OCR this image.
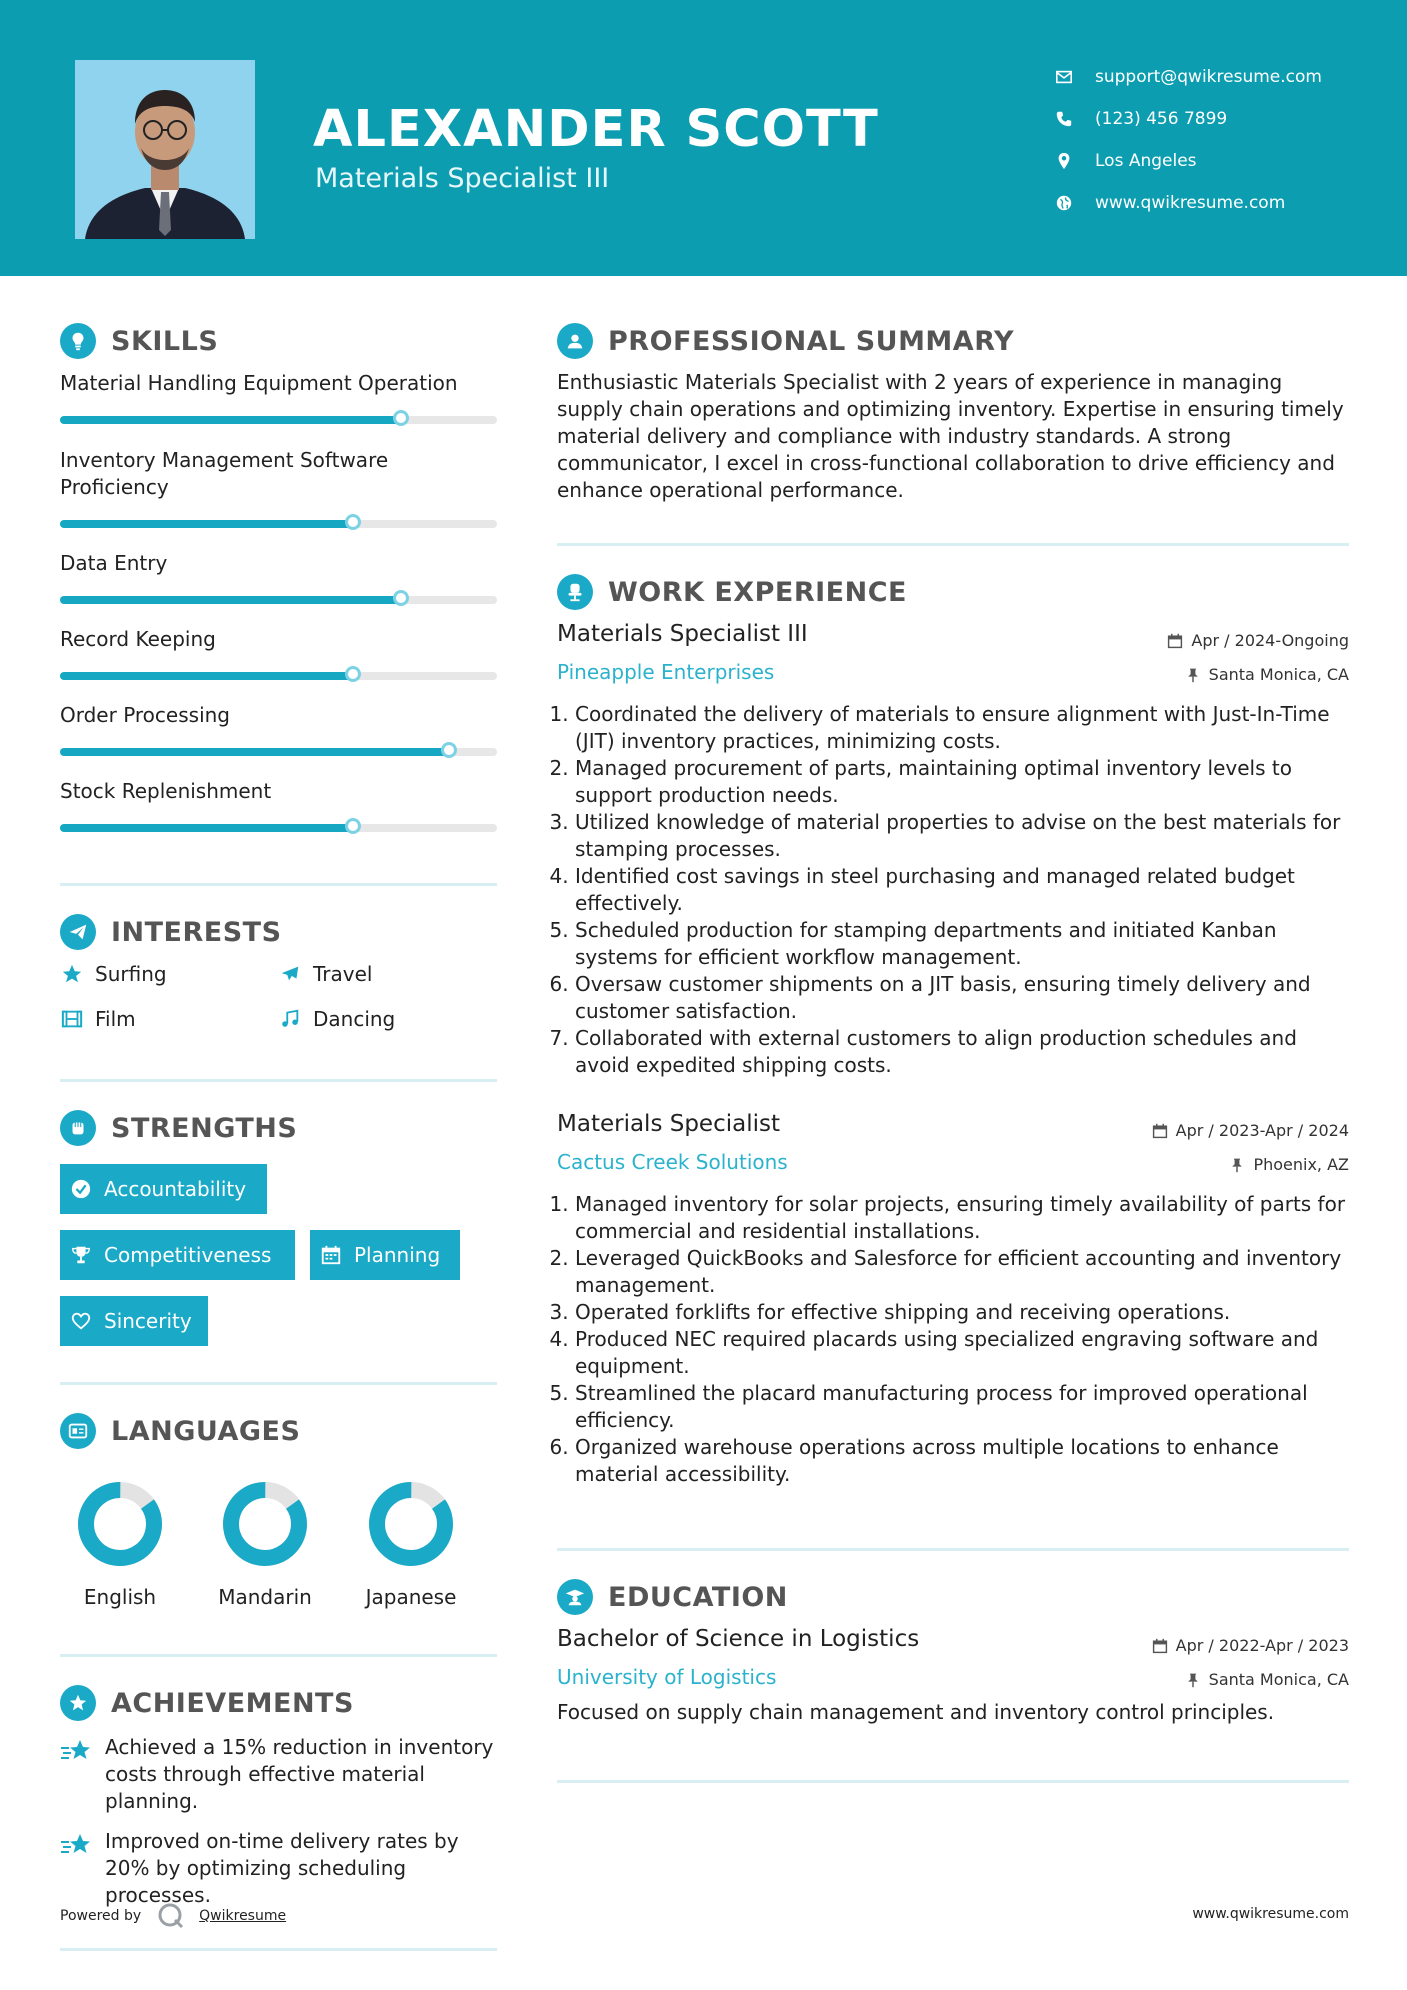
ALEXANDER SCOTT
Materials Specialist III
support@qwikresume.com
(123) 456 7899
Los Angeles
www.qwikresume.com
SKILLS
Material Handling Equipment Operation
Inventory Management Software Proficiency
Data Entry
Record Keeping
Order Processing
Stock Replenishment
INTERESTS
Surfing	Travel
Film	Dancing
STRENGTHS
Accountability
Competitiveness	Planning
Sincerity
LANGUAGES
English	Mandarin	Japanese
ACHIEVEMENTS
Achieved a 15% reduction in inventory costs through effective material planning.
Improved on-time delivery rates by 20% by optimizing scheduling processes.
PROFESSIONAL SUMMARY
Enthusiastic Materials Specialist with 2 years of experience in managing supply chain operations and optimizing inventory. Expertise in ensuring timely material delivery and compliance with industry standards. A strong communicator, I excel in cross-functional collaboration to drive efficiency and enhance operational performance.
WORK EXPERIENCE
Materials Specialist III	Apr / 2024-Ongoing
Pineapple Enterprises	Santa Monica, CA
1. Coordinated the delivery of materials to ensure alignment with Just-In-Time (JIT) inventory practices, minimizing costs.
2. Managed procurement of parts, maintaining optimal inventory levels to support production needs.
3. Utilized knowledge of material properties to advise on the best materials for stamping processes.
4. Identified cost savings in steel purchasing and managed related budget effectively.
5. Scheduled production for stamping departments and initiated Kanban systems for efficient workflow management.
6. Oversaw customer shipments on a JIT basis, ensuring timely delivery and customer satisfaction.
7. Collaborated with external customers to align production schedules and avoid expedited shipping costs.
Materials Specialist	Apr / 2023-Apr / 2024
Cactus Creek Solutions	Phoenix, AZ
1. Managed inventory for solar projects, ensuring timely availability of parts for commercial and residential installations.
2. Leveraged QuickBooks and Salesforce for efficient accounting and inventory management.
3. Operated forklifts for effective shipping and receiving operations.
4. Produced NEC required placards using specialized engraving software and equipment.
5. Streamlined the placard manufacturing process for improved operational efficiency.
6. Organized warehouse operations across multiple locations to enhance material accessibility.
EDUCATION
Bachelor of Science in Logistics	Apr / 2022-Apr / 2023
University of Logistics	Santa Monica, CA
Focused on supply chain management and inventory control principles.
Powered by	Qwikresume	www.qwikresume.com
